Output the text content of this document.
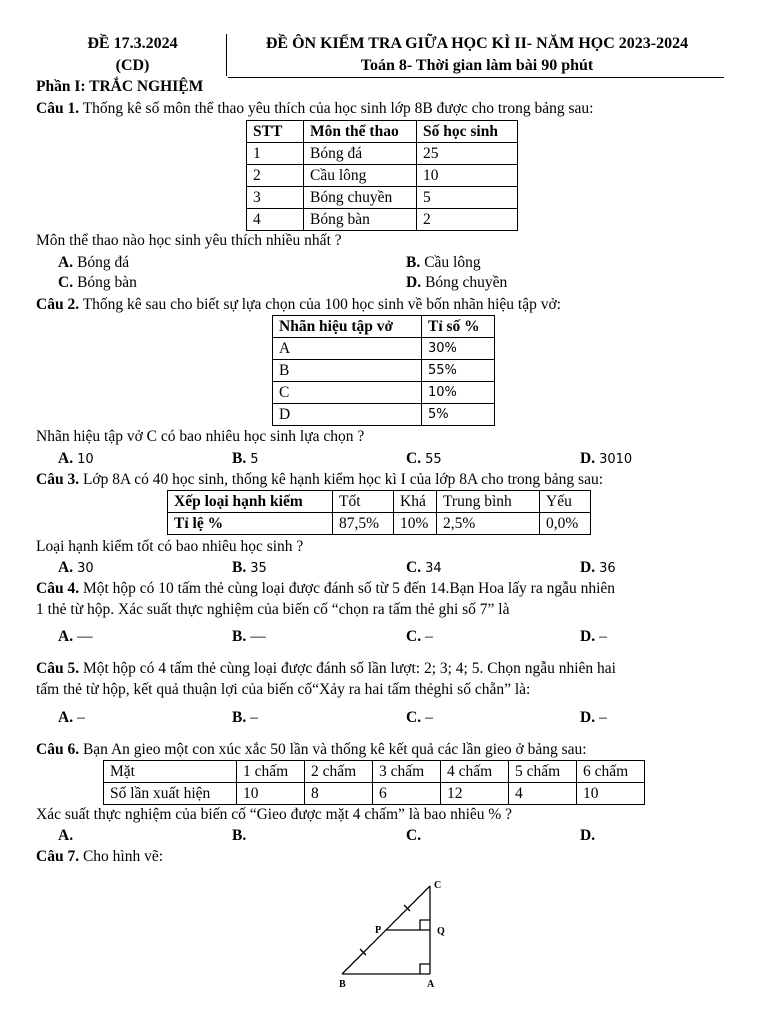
ĐỀ 17.3.2024
(CD)
ĐỀ ÔN KIỂM TRA GIỮA HỌC KÌ II- NĂM HỌC 2023-2024
Toán 8- Thời gian làm bài 90 phút
Phần I: TRẮC NGHIỆM
Câu 1. Thống kê số môn thể thao yêu thích của học sinh lớp 8B được cho trong bảng sau:
STT	Môn thể thao	Số học sinh
1	Bóng đá	25
2	Cầu lông	10
3	Bóng chuyền	5
4	Bóng bàn	2
Môn thể thao nào học sinh yêu thích nhiều nhất ?
A. Bóng đá	B. Cầu lông
C. Bóng bàn	D. Bóng chuyền
Câu 2. Thống kê sau cho biết sự lựa chọn của 100 học sinh về bốn nhãn hiệu tập vở:
Nhãn hiệu tập vở	Tỉ số %
A	30%
B	55%
C	10%
D	5%
Nhãn hiệu tập vở C có bao nhiêu học sinh lựa chọn ?
A. 10	B. 5	C. 55	D. 3010
Câu 3. Lớp 8A có 40 học sinh, thống kê hạnh kiểm học kì I của lớp 8A cho trong bảng sau:
Xếp loại hạnh kiểm	Tốt	Khá	Trung bình	Yếu
Tỉ lệ %	87,5%	10%	2,5%	0,0%
Loại hạnh kiểm tốt có bao nhiêu học sinh ?
A. 30	B. 35	C. 34	D. 36
Câu 4. Một hộp có 10 tấm thẻ cùng loại được đánh số từ 5 đến 14.Bạn Hoa lấy ra ngẫu nhiên
1 thẻ từ hộp. Xác suất thực nghiệm của biến cố “chọn ra tấm thẻ ghi số 7” là
A. —	B. —	C. –	D. –
Câu 5. Một hộp có 4 tấm thẻ cùng loại được đánh số lần lượt: 2; 3; 4; 5. Chọn ngẫu nhiên hai
tấm thẻ từ hộp, kết quả thuận lợi của biến cố“Xảy ra hai tấm thẻghi số chẵn” là:
A. –	B. –	C. –	D. –
Câu 6. Bạn An gieo một con xúc xắc 50 lần và thống kê kết quả các lần gieo ở bảng sau:
Mặt	1 chấm	2 chấm	3 chấm	4 chấm	5 chấm	6 chấm
Số lần xuất hiện	10	8	6	12	4	10
Xác suất thực nghiệm của biến cố “Gieo được mặt 4 chấm” là bao nhiêu % ?
A.	B.	C.	D.
Câu 7. Cho hình vẽ:
C
P	Q
B	A
